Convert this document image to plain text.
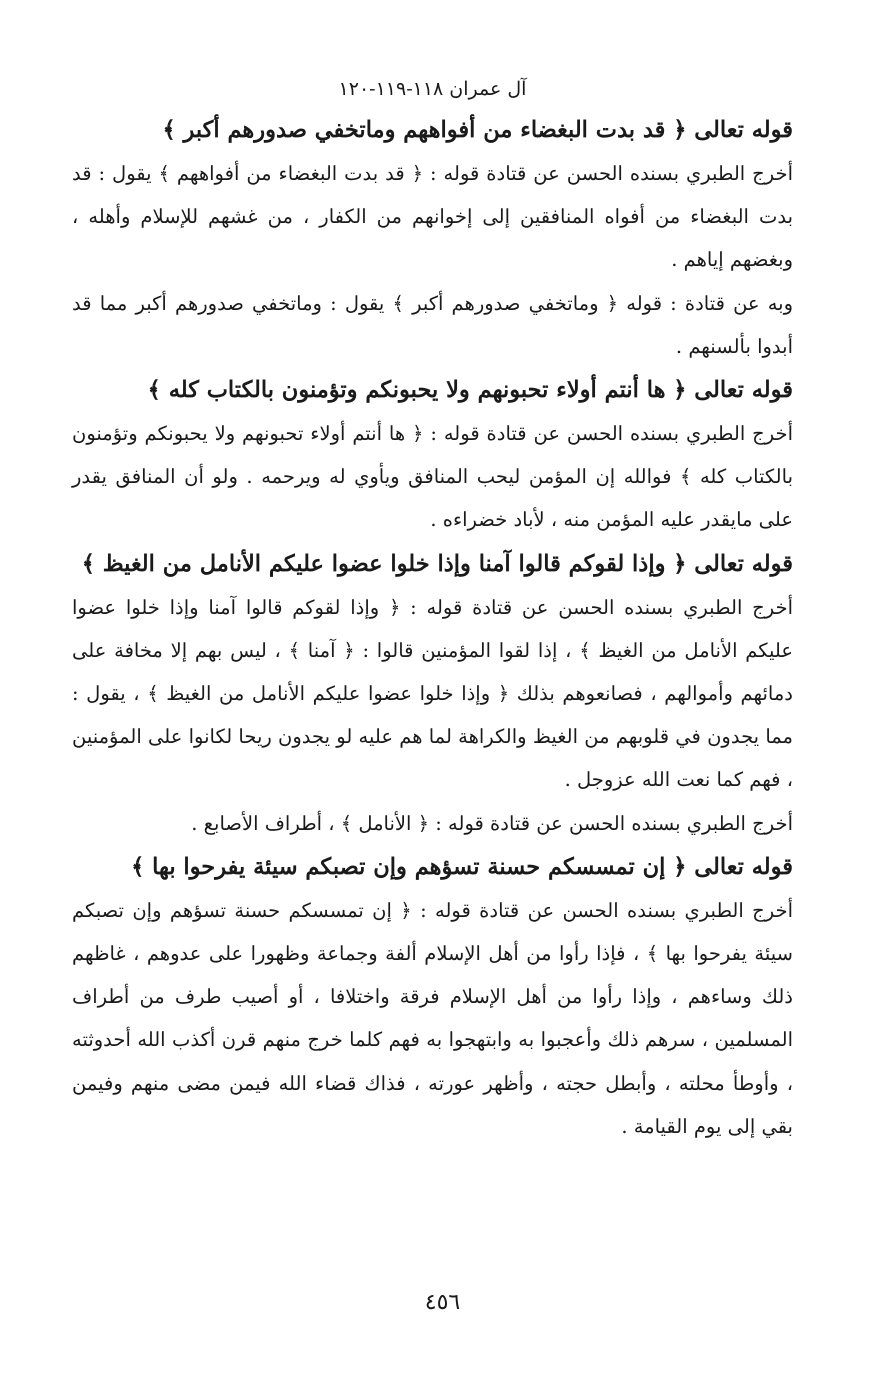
آل عمران ١١٨-١١٩-١٢٠

قوله تعالى ﴿ قد بدت البغضاء من أفواههم وماتخفي صدورهم أكبر ﴾

أخرج الطبري بسنده الحسن عن قتادة قوله : ﴿ قد بدت البغضاء من أفواههم ﴾ يقول : قد بدت البغضاء من أفواه المنافقين إلى إخوانهم من الكفار ، من غشهم للإسلام وأهله ، وبغضهم إياهم .

وبه عن قتادة : قوله ﴿ وماتخفي صدورهم أكبر ﴾ يقول : وماتخفي صدورهم أكبر مما قد أبدوا بألسنهم .

قوله تعالى ﴿ ها أنتم أولاء تحبونهم ولا يحبونكم وتؤمنون بالكتاب كله ﴾

أخرج الطبري بسنده الحسن عن قتادة قوله : ﴿ ها أنتم أولاء تحبونهم ولا يحبونكم وتؤمنون بالكتاب كله ﴾ فوالله إن المؤمن ليحب المنافق ويأوي له ويرحمه . ولو أن المنافق يقدر على مايقدر عليه المؤمن منه ، لأباد خضراءه .

قوله تعالى ﴿ وإذا لقوكم قالوا آمنا وإذا خلوا عضوا عليكم الأنامل من الغيظ ﴾

أخرج الطبري بسنده الحسن عن قتادة قوله : ﴿ وإذا لقوكم قالوا آمنا وإذا خلوا عضوا عليكم الأنامل من الغيظ ﴾ ، إذا لقوا المؤمنين قالوا : ﴿ آمنا ﴾ ، ليس بهم إلا مخافة على دمائهم وأموالهم ، فصانعوهم بذلك ﴿ وإذا خلوا عضوا عليكم الأنامل من الغيظ ﴾ ، يقول : مما يجدون في قلوبهم من الغيظ والكراهة لما هم عليه لو يجدون ريحا لكانوا على المؤمنين ، فهم كما نعت الله عزوجل .

أخرج الطبري بسنده الحسن عن قتادة قوله : ﴿ الأنامل ﴾ ، أطراف الأصابع .

قوله تعالى ﴿ إن تمسسكم حسنة تسؤهم وإن تصبكم سيئة يفرحوا بها ﴾

أخرج الطبري بسنده الحسن عن قتادة قوله : ﴿ إن تمسسكم حسنة تسؤهم وإن تصبكم سيئة يفرحوا بها ﴾ ، فإذا رأوا من أهل الإسلام ألفة وجماعة وظهورا على عدوهم ، غاظهم ذلك وساءهم ، وإذا رأوا من أهل الإسلام فرقة واختلافا ، أو أصيب طرف من أطراف المسلمين ، سرهم ذلك وأعجبوا به وابتهجوا به فهم كلما خرج منهم قرن أكذب الله أحدوثته ، وأوطأ محلته ، وأبطل حجته ، وأظهر عورته ، فذاك قضاء الله فيمن مضى منهم وفيمن بقي إلى يوم القيامة .

٤٥٦
